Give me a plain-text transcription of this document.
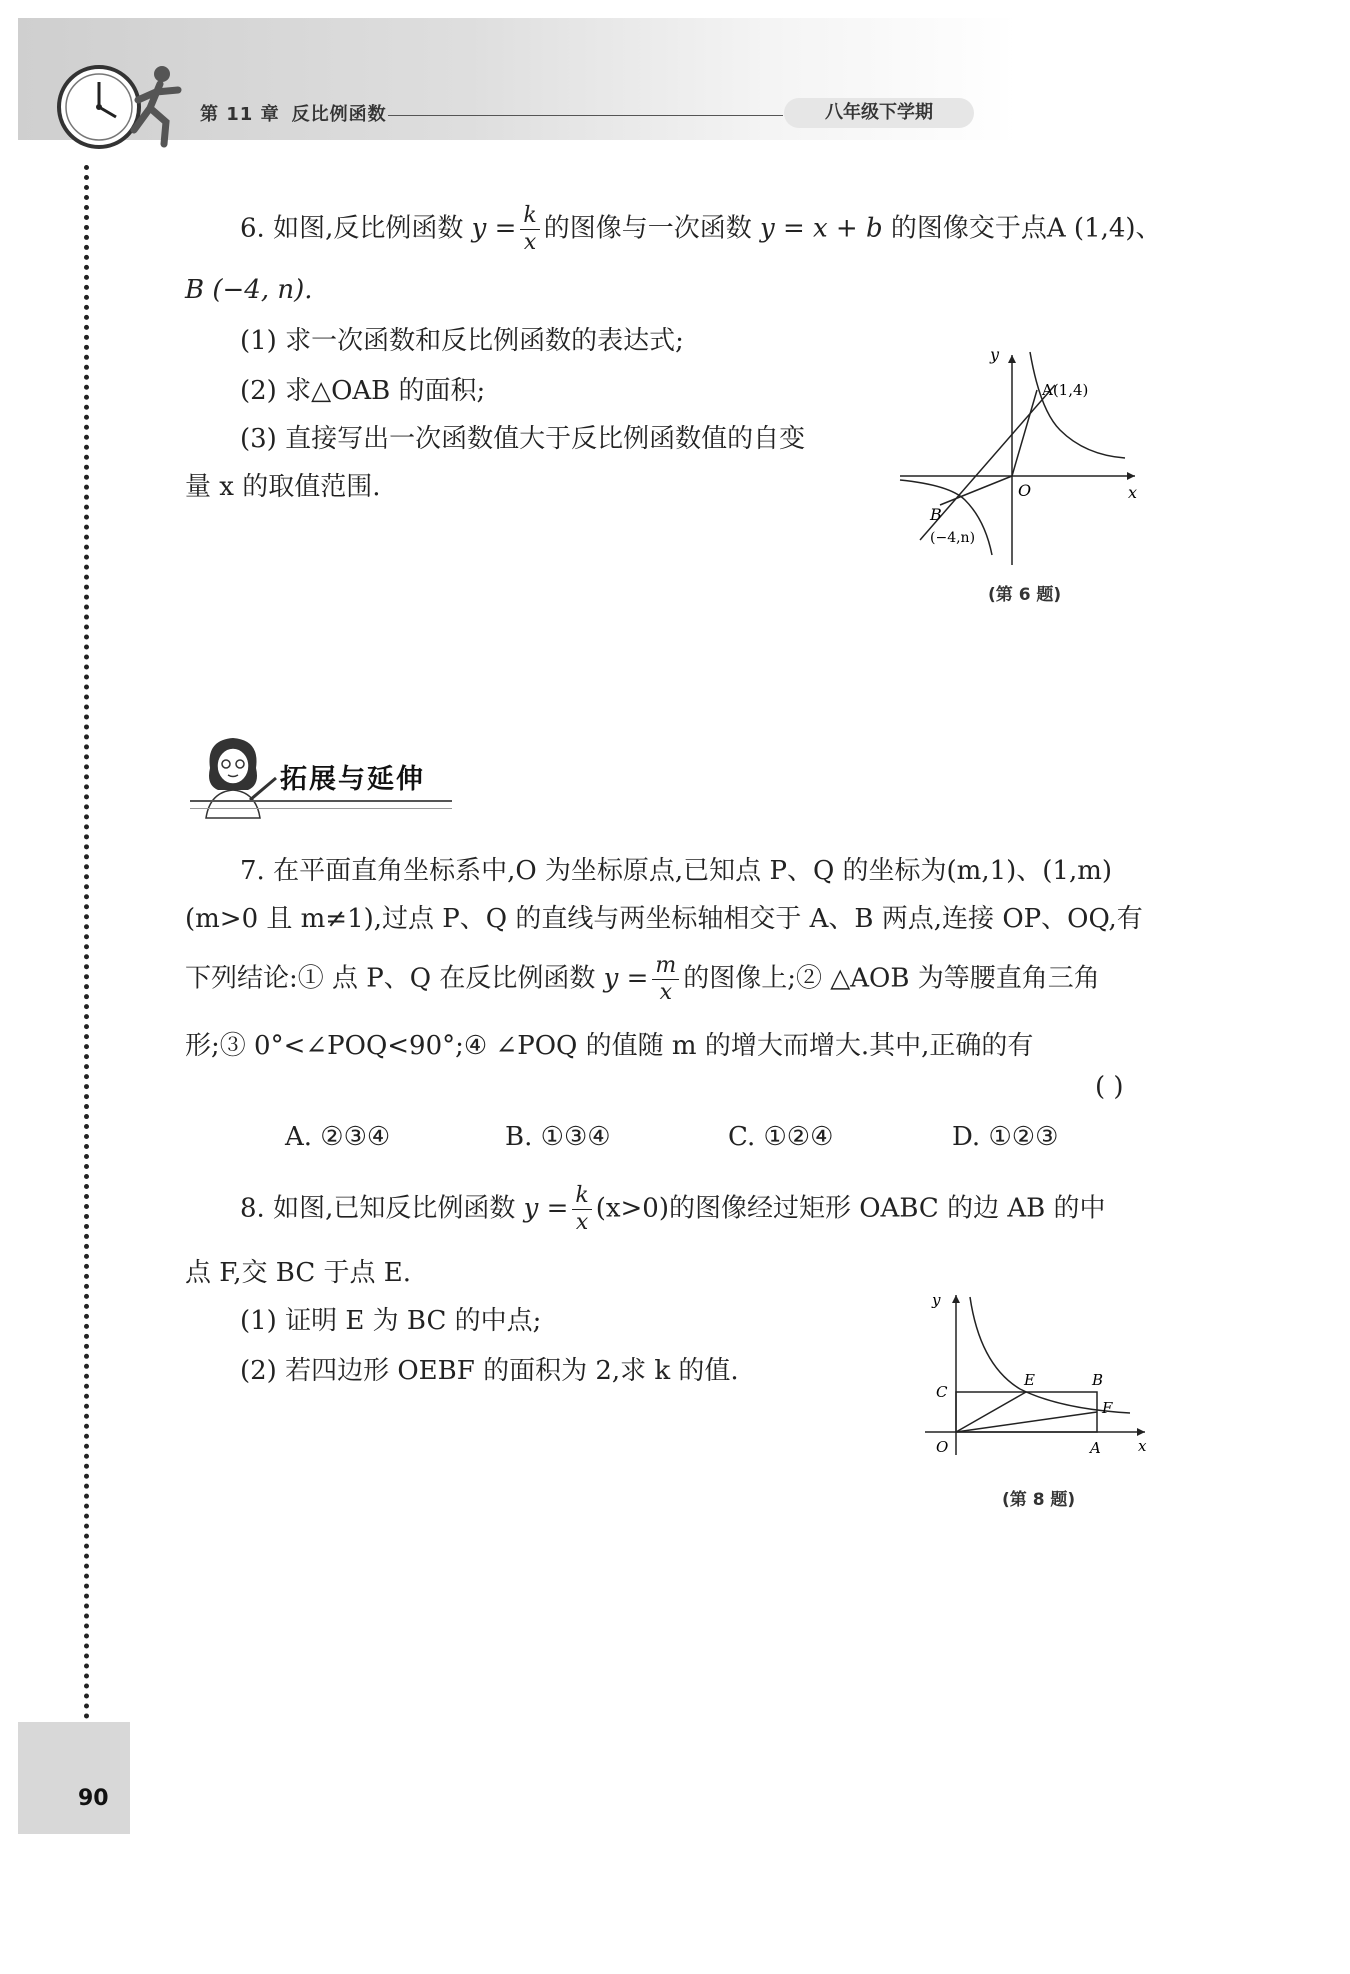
第 11 章 反比例函数	八年级下学期
6. 如图,反比例函数 $y = \frac{k}{x}$ 的图像与一次函数 y = x + b 的图像交于点A (1,4)、
B (−4, n).
(1) 求一次函数和反比例函数的表达式;
(2) 求△OAB 的面积;
(3) 直接写出一次函数值大于反比例函数值的自变
量 x 的取值范围.
y
x
O
A(1,4)
B
(−4,n)
(第 6 题)
拓展与延伸
7. 在平面直角坐标系中,O 为坐标原点,已知点 P、Q 的坐标为(m,1)、(1,m)
(m>0 且 m≠1),过点 P、Q 的直线与两坐标轴相交于 A、B 两点,连接 OP、OQ,有
下列结论:① 点 P、Q 在反比例函数 $y = \frac{m}{x}$ 的图像上;② △AOB 为等腰直角三角
形;③ 0°<∠POQ<90°;④ ∠POQ 的值随 m 的增大而增大.其中,正确的有
( )
A. ②③④	B. ①③④	C. ①②④	D. ①②③
8. 如图,已知反比例函数 $y = \frac{k}{x} (x>0)$的图像经过矩形 OABC 的边 AB 的中
点 F,交 BC 于点 E.
(1) 证明 E 为 BC 的中点;
(2) 若四边形 OEBF 的面积为 2,求 k 的值.
y
x
O	A
B
C
E
F
(第 8 题)
90
